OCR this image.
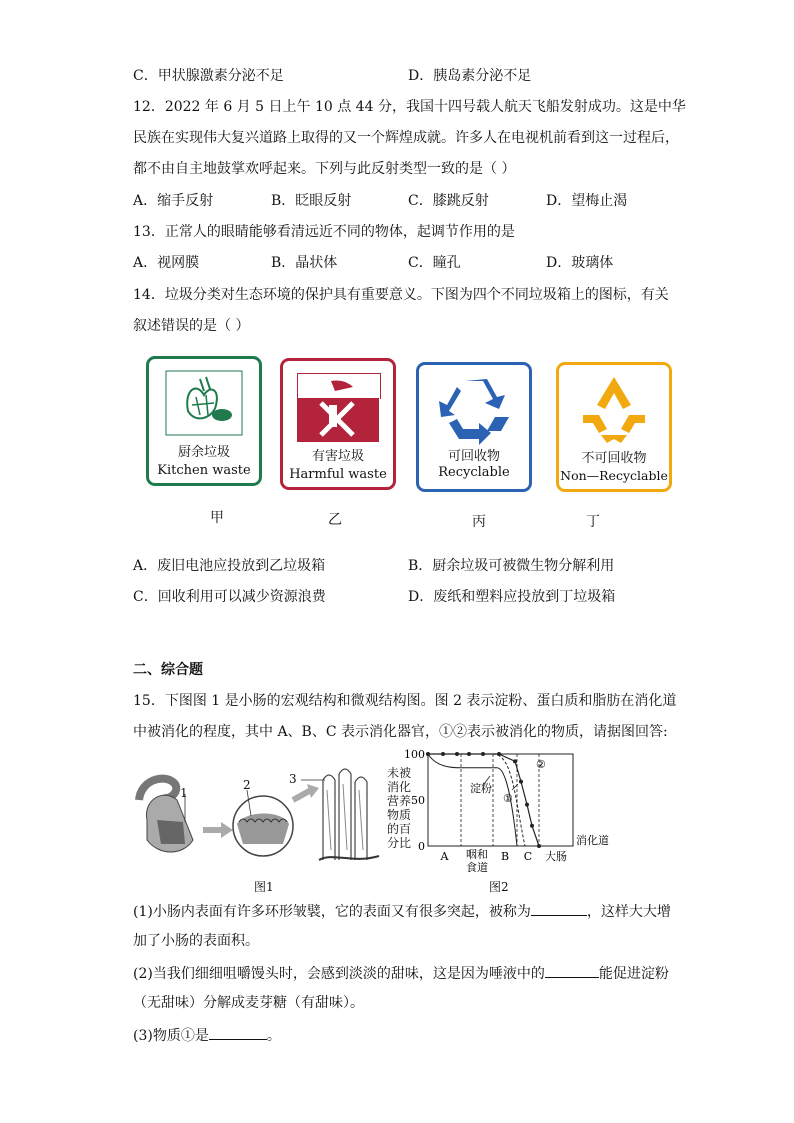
C．甲状腺激素分泌不足	D．胰岛素分泌不足
12．2022 年 6 月 5 日上午 10 点 44 分，我国十四号载人航天飞船发射成功。这是中华
民族在实现伟大复兴道路上取得的又一个辉煌成就。许多人在电视机前看到这一过程后，
都不由自主地鼓掌欢呼起来。下列与此反射类型一致的是（ ）
A．缩手反射	B．眨眼反射	C．膝跳反射	D．望梅止渴
13．正常人的眼睛能够看清远近不同的物体，起调节作用的是
A．视网膜	B．晶状体	C．瞳孔	D．玻璃体
14．垃圾分类对生态环境的保护具有重要意义。下图为四个不同垃圾箱上的图标，有关
叙述错误的是（ ）
厨余垃圾
Kitchen waste
有害垃圾
Harmful waste
可回收物
Recyclable
不可回收物
Non—Recyclable
甲	乙	丙	丁
A．废旧电池应投放到乙垃圾箱	B．厨余垃圾可被微生物分解利用
C．回收利用可以减少资源浪费	D．废纸和塑料应投放到丁垃圾箱
二、综合题
15．下图图 1 是小肠的宏观结构和微观结构图。图 2 表示淀粉、蛋白质和脂肪在消化道
中被消化的程度，其中 A、B、C 表示消化器官，①②表示被消化的物质，请据图回答:
1
2	3
图1
未被
消化
营养
物质
的百
分比
100
50
0
A 咽和
食道
B C 大肠
消化道
淀粉
①
②
图2
(1)小肠内表面有许多环形皱襞，它的表面又有很多突起，被称为	，这样大大增
加了小肠的表面积。
(2)当我们细细咀嚼馒头时，会感到淡淡的甜味，这是因为唾液中的	能促进淀粉
（无甜味）分解成麦芽糖（有甜味）。
(3)物质①是	。
